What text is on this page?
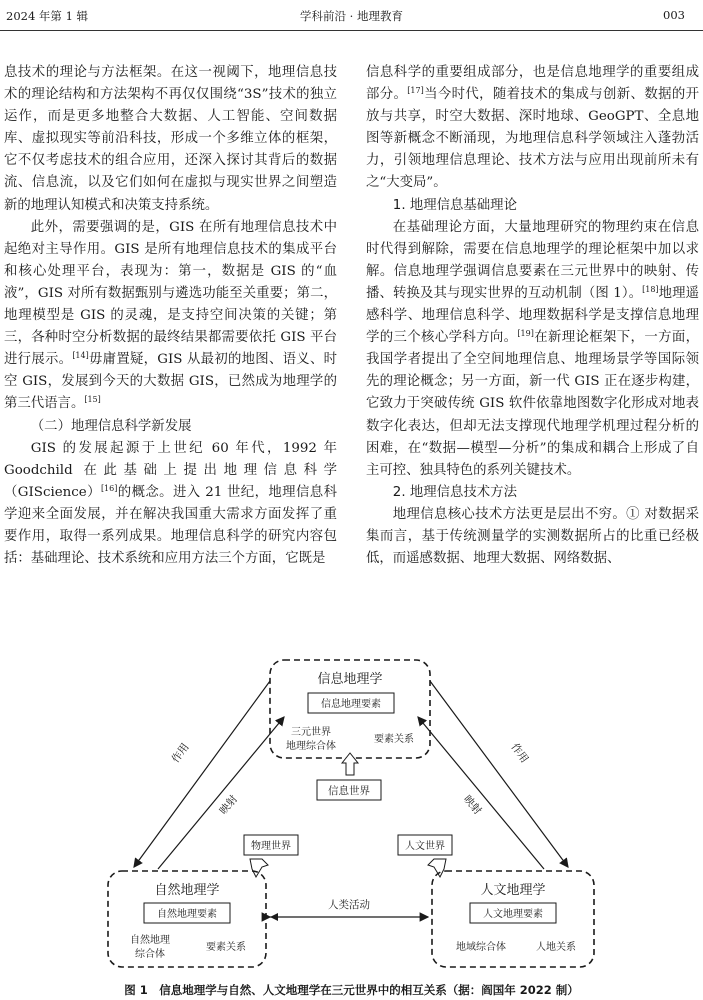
2024 年第 1 辑	学科前沿 · 地理教育	003

息技术的理论与方法框架。在这一视阈下，地理信息技术的理论结构和方法架构不再仅仅围绕“3S”技术的独立运作，而是更多地整合大数据、人工智能、空间数据库、虚拟现实等前沿科技，形成一个多维立体的框架，它不仅考虑技术的组合应用，还深入探讨其背后的数据流、信息流，以及它们如何在虚拟与现实世界之间塑造新的地理认知模式和决策支持系统。

此外，需要强调的是，GIS 在所有地理信息技术中起绝对主导作用。GIS 是所有地理信息技术的集成平台和核心处理平台，表现为：第一，数据是 GIS 的“血液”，GIS 对所有数据甄别与遴选功能至关重要；第二，地理模型是 GIS 的灵魂，是支持空间决策的关键；第三，各种时空分析数据的最终结果都需要依托 GIS 平台进行展示。[14]毋庸置疑，GIS 从最初的地图、语义、时空 GIS，发展到今天的大数据 GIS，已然成为地理学的第三代语言。[15]

（二）地理信息科学新发展

GIS 的发展起源于上世纪 60 年代，1992 年 Goodchild 在此基础上提出地理信息科学（GIScience）[16]的概念。进入 21 世纪，地理信息科学迎来全面发展，并在解决我国重大需求方面发挥了重要作用，取得一系列成果。地理信息科学的研究内容包括：基础理论、技术系统和应用方法三个方面，它既是

信息科学的重要组成部分，也是信息地理学的重要组成部分。[17]当今时代，随着技术的集成与创新、数据的开放与共享，时空大数据、深时地球、GeoGPT、全息地图等新概念不断涌现，为地理信息科学领域注入蓬勃活力，引领地理信息理论、技术方法与应用出现前所未有之“大变局”。

1. 地理信息基础理论

在基础理论方面，大量地理研究的物理约束在信息时代得到解除，需要在信息地理学的理论框架中加以求解。信息地理学强调信息要素在三元世界中的映射、传播、转换及其与现实世界的互动机制（图 1）。[18]地理遥感科学、地理信息科学、地理数据科学是支撑信息地理学的三个核心学科方向。[19]在新理论框架下，一方面，我国学者提出了全空间地理信息、地理场景学等国际领先的理论概念；另一方面，新一代 GIS 正在逐步构建，它致力于突破传统 GIS 软件依靠地图数字化形成对地表数字化表达，但却无法支撑现代地理学机理过程分析的困难，在“数据—模型—分析”的集成和耦合上形成了自主可控、独具特色的系列关键技术。

2. 地理信息技术方法

地理信息核心技术方法更是层出不穷。① 对数据采集而言，基于传统测量学的实测数据所占的比重已经极低，而遥感数据、地理大数据、网络数据、

信息地理学
信息地理要素
三元世界
地理综合体
要素关系
信息世界
物理世界	人文世界
自然地理学
自然地理要素
自然地理
综合体
要素关系
人文地理学
人文地理要素
地域综合体	人地关系
作用
映射
作用
映射
人类活动
图 1　信息地理学与自然、人文地理学在三元世界中的相互关系（据：阎国年 2022 制）
